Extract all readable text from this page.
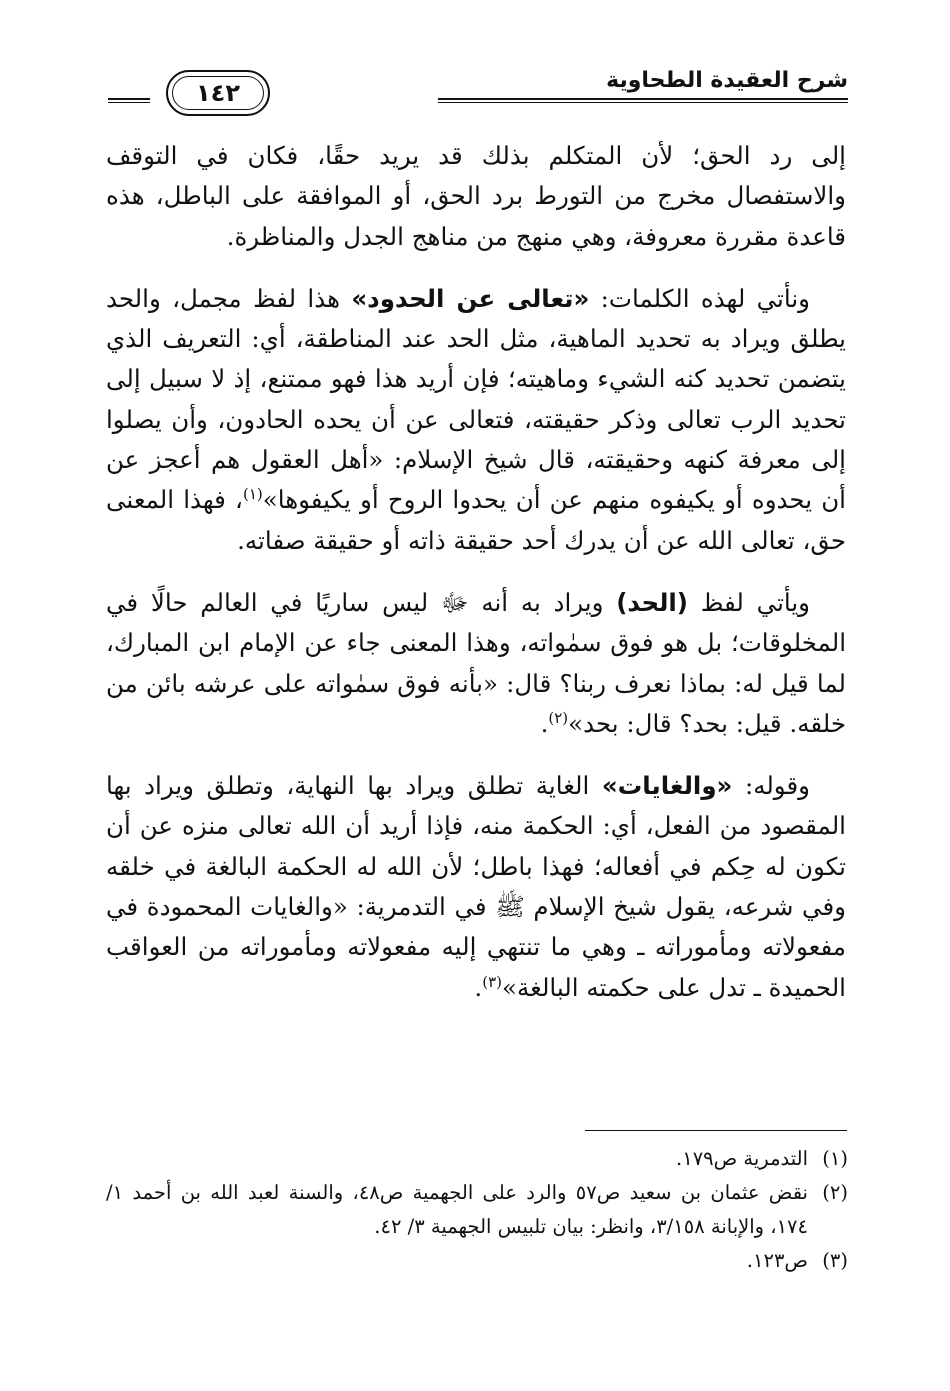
شرح العقيدة الطحاوية
١٤٢

إلى رد الحق؛ لأن المتكلم بذلك قد يريد حقًا، فكان في التوقف والاستفصال مخرج من التورط برد الحق، أو الموافقة على الباطل، هذه قاعدة مقررة معروفة، وهي منهج من مناهج الجدل والمناظرة.

ونأتي لهذه الكلمات: «تعالى عن الحدود» هذا لفظ مجمل، والحد يطلق ويراد به تحديد الماهية، مثل الحد عند المناطقة، أي: التعريف الذي يتضمن تحديد كنه الشيء وماهيته؛ فإن أريد هذا فهو ممتنع، إذ لا سبيل إلى تحديد الرب تعالى وذكر حقيقته، فتعالى عن أن يحده الحادون، وأن يصلوا إلى معرفة كنهه وحقيقته، قال شيخ الإسلام: «أهل العقول هم أعجز عن أن يحدوه أو يكيفوه منهم عن أن يحدوا الروح أو يكيفوها»$^{(١)}$، فهذا المعنى حق، تعالى الله عن أن يدرك أحد حقيقة ذاته أو حقيقة صفاته.

ويأتي لفظ (الحد) ويراد به أنه ﷻ ليس ساريًا في العالم حالًا في المخلوقات؛ بل هو فوق سمٰواته، وهذا المعنى جاء عن الإمام ابن المبارك، لما قيل له: بماذا نعرف ربنا؟ قال: «بأنه فوق سمٰواته على عرشه بائن من خلقه. قيل: بحد؟ قال: بحد»$^{(٢)}$.

وقوله: «والغايات» الغاية تطلق ويراد بها النهاية، وتطلق ويراد بها المقصود من الفعل، أي: الحكمة منه، فإذا أريد أن الله تعالى منزه عن أن تكون له حِكم في أفعاله؛ فهذا باطل؛ لأن الله له الحكمة البالغة في خلقه وفي شرعه، يقول شيخ الإسلام ﷺ في التدمرية: «والغايات المحمودة في مفعولاته ومأموراته ـ وهي ما تنتهي إليه مفعولاته ومأموراته من العواقب الحميدة ـ تدل على حكمته البالغة»$^{(٣)}$.

(١)
التدمرية ص١٧٩.
(٢)
نقض عثمان بن سعيد ص٥٧ والرد على الجهمية ص٤٨، والسنة لعبد الله بن أحمد ١/ ١٧٤، والإبانة ٣/١٥٨، وانظر: بيان تلبيس الجهمية ٣/ ٤٢.
(٣)
ص١٢٣.
